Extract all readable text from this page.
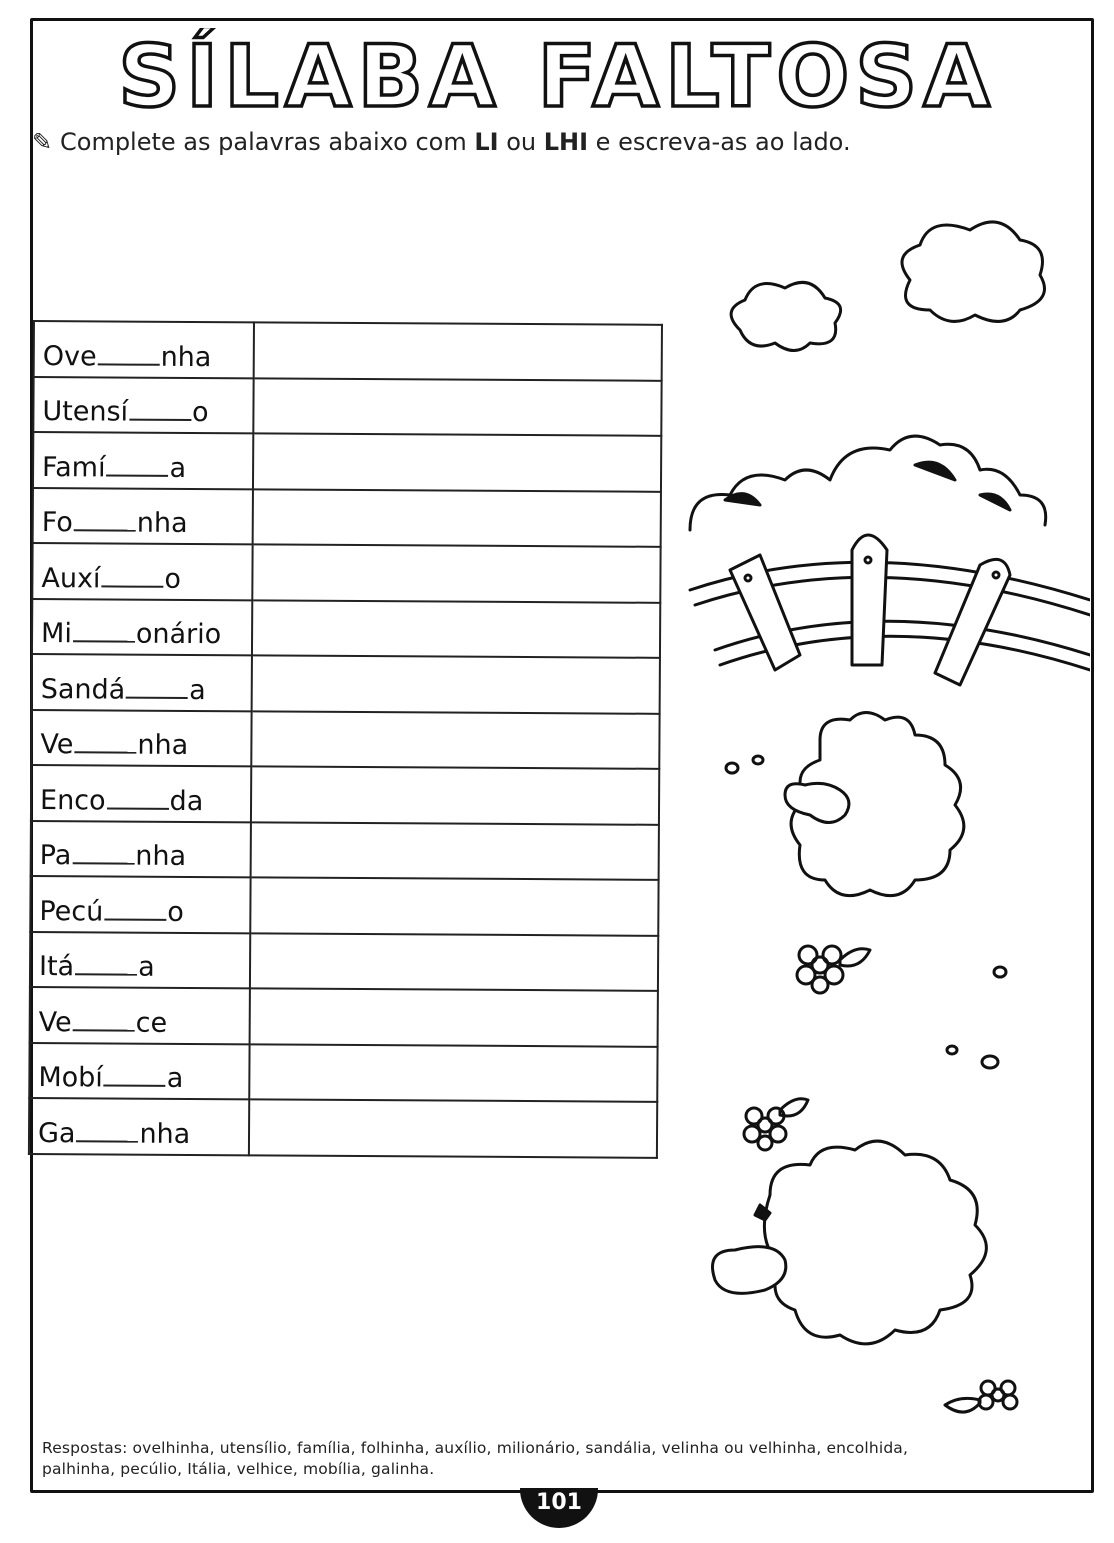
SÍLABA FALTOSA
✎ Complete as palavras abaixo com LI ou LHI e escreva-as ao lado.
Ove nha	
Utensí o	
Famí a	
Fo nha	
Auxí o	
Mi onário	
Sandá a	
Ve nha	
Enco da	
Pa nha	
Pecú o	
Itá a	
Ve ce	
Mobí a	
Ga nha	
Respostas: ovelhinha, utensílio, família, folhinha, auxílio, milionário, sandália, velinha ou velhinha, encolhida,
palhinha, pecúlio, Itália, velhice, mobília, galinha.
101
